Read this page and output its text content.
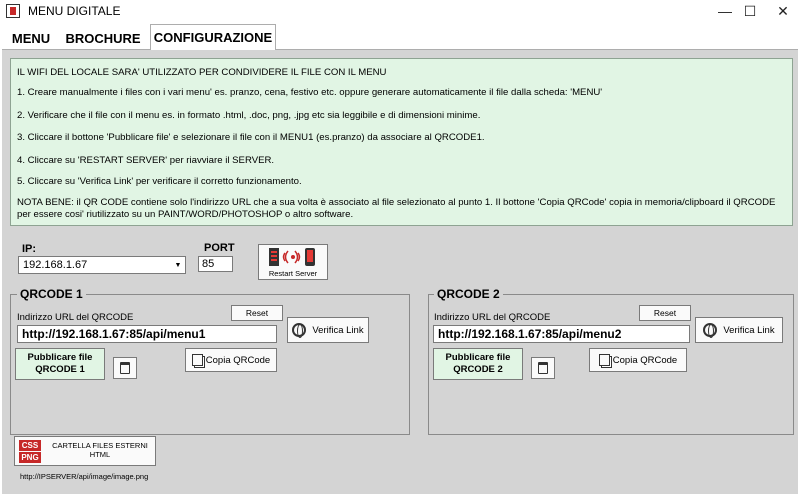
MENU DIGITALE	— ☐	✕
MENU	BROCHURE CONFIGURAZIONE
IL WIFI DEL LOCALE SARA' UTILIZZATO PER CONDIVIDERE IL FILE CON IL MENU
1. Creare manualmente i files con i vari menu' es. pranzo, cena, festivo etc. oppure generare automaticamente il file dalla scheda: 'MENU'
2. Verificare che il file con il menu es. in formato .html, .doc, png, .jpg etc sia leggibile e di dimensioni minime.
3. Cliccare il bottone 'Pubblicare file' e selezionare il file con il MENU1 (es.pranzo) da associare al QRCODE1.
4. Cliccare su 'RESTART SERVER' per riavviare il SERVER.
5. Cliccare su 'Verifica Link' per verificare il corretto funzionamento.
NOTA BENE: il QR CODE contiene solo l'indirizzo URL che a sua volta è associato al file selezionato al punto 1. Il bottone 'Copia QRCode' copia in memoria/clipboard il QRCODE
per essere cosi' riutilizzato su un PAINT/WORD/PHOTOSHOP o altro software.
IP:
192.168.1.67	▼
PORT
85
Restart Server
QRCODE 1
Indirizzo URL del QRCODE	Reset
http://192.168.1.67:85/api/menu1	Verifica Link
Pubblicare file
QRCODE 1
Copia QRCode
QRCODE 2
Indirizzo URL del QRCODE	Reset
http://192.168.1.67:85/api/menu2	Verifica Link
Pubblicare file
QRCODE 2
Copia QRCode
CSS
PNG
CARTELLA FILES ESTERNI
HTML
http://IPSERVER/api/image/image.png
